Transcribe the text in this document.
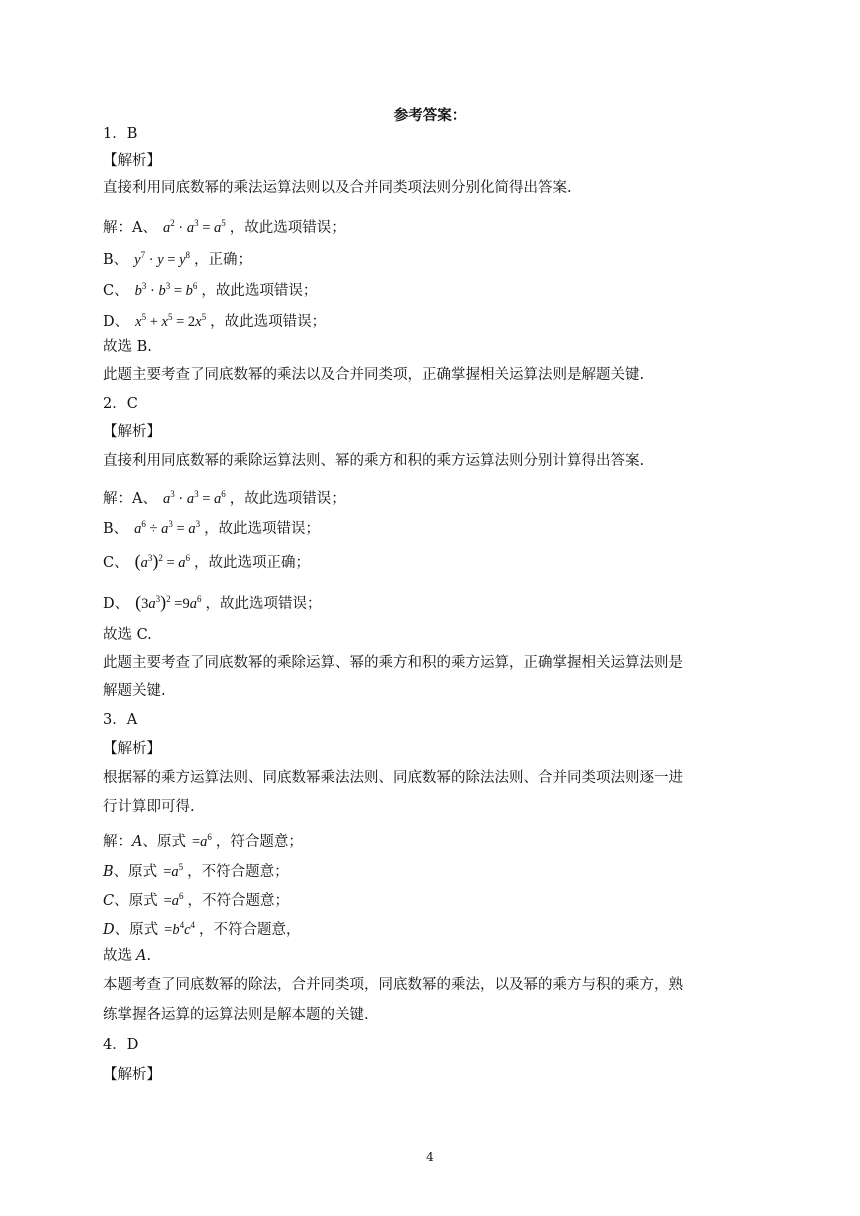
参考答案：
1．B
【解析】
直接利用同底数幂的乘法运算法则以及合并同类项法则分别化简得出答案.
解：A、 $a^2 \cdot a^3 = a^5$ ，故此选项错误；
B、 $y^7 \cdot y = y^8$ ，正确；
C、 $b^3 \cdot b^3 = b^6$ ，故此选项错误；
D、 $x^5 + x^5 = 2x^5$ ，故此选项错误；
故选 B.
此题主要考查了同底数幂的乘法以及合并同类项，正确掌握相关运算法则是解题关键.
2．C
【解析】
直接利用同底数幂的乘除运算法则、幂的乘方和积的乘方运算法则分别计算得出答案.
解：A、 $a^3 \cdot a^3 = a^6$ ，故此选项错误；
B、 $a^6 \div a^3 = a^3$ ，故此选项错误；
C、 $(a^3)^2 = a^6$ ，故此选项正确；
D、 $(3a^3)^2 =9a^6$ ，故此选项错误；
故选 C.
此题主要考查了同底数幂的乘除运算、幂的乘方和积的乘方运算，正确掌握相关运算法则是
解题关键.
3．A
【解析】
根据幂的乘方运算法则、同底数幂乘法法则、同底数幂的除法法则、合并同类项法则逐一进
行计算即可得.
解：A、原式 $=a^6$ ，符合题意；
B、原式 $=a^5$ ，不符合题意；
C、原式 $=a^6$ ，不符合题意；
D、原式 $=b^4c^4$ ，不符合题意，
故选 A.
本题考查了同底数幂的除法，合并同类项，同底数幂的乘法，以及幂的乘方与积的乘方，熟
练掌握各运算的运算法则是解本题的关键.
4．D
【解析】
4
